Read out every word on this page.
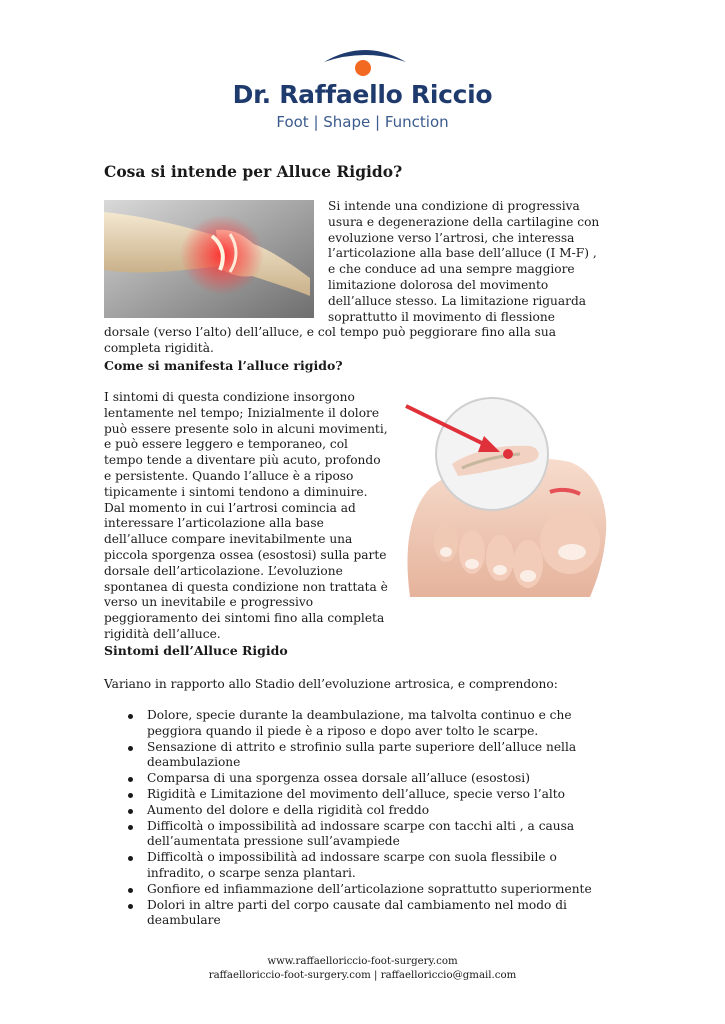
Dr. Raffaello Riccio
Foot | Shape | Function
Cosa si intende per Alluce Rigido?
Si intende una condizione di progressiva usura e degenerazione della cartilagine con evoluzione verso l’artrosi, che interessa l’articolazione alla base dell’alluce (I M-F) , e che conduce ad una sempre maggiore limitazione dolorosa del movimento dell’alluce stesso. La limitazione riguarda soprattutto il movimento di flessione dorsale (verso l’alto) dell’alluce, e col tempo può peggiorare fino alla sua completa rigidità.
Come si manifesta l’alluce rigido?

I sintomi di questa condizione insorgono lentamente nel tempo; Inizialmente il dolore può essere presente solo in alcuni movimenti, e può essere leggero e temporaneo, col tempo tende a diventare più acuto, profondo e persistente. Quando l’alluce è a riposo tipicamente i sintomi tendono a diminuire. Dal momento in cui l’artrosi comincia ad interessare l’articolazione alla base dell’alluce compare inevitabilmente una piccola sporgenza ossea (esostosi) sulla parte dorsale dell’articolazione. L’evoluzione spontanea di questa condizione non trattata è verso un inevitabile e progressivo peggioramento dei sintomi fino alla completa rigidità dell’alluce.

Sintomi dell’Alluce Rigido
Variano in rapporto allo Stadio dell’evoluzione artrosica, e comprendono:
Dolore, specie durante la deambulazione, ma talvolta continuo e che peggiora quando il piede è a riposo e dopo aver tolto le scarpe.
Sensazione di attrito e strofinio sulla parte superiore dell’alluce nella deambulazione
Comparsa di una sporgenza ossea dorsale all’alluce (esostosi)
Rigidità e Limitazione del movimento dell’alluce, specie verso l’alto
Aumento del dolore e della rigidità col freddo
Difficoltà o impossibilità ad indossare scarpe con tacchi alti , a causa dell’aumentata pressione sull’avampiede
Difficoltà o impossibilità ad indossare scarpe con suola flessibile o infradito, o scarpe senza plantari.
Gonfiore ed infiammazione dell’articolazione soprattutto superiormente
Dolori in altre parti del corpo causate dal cambiamento nel modo di deambulare
www.raffaelloriccio-foot-surgery.com
raffaelloriccio-foot-surgery.com | raffaelloriccio@gmail.com
